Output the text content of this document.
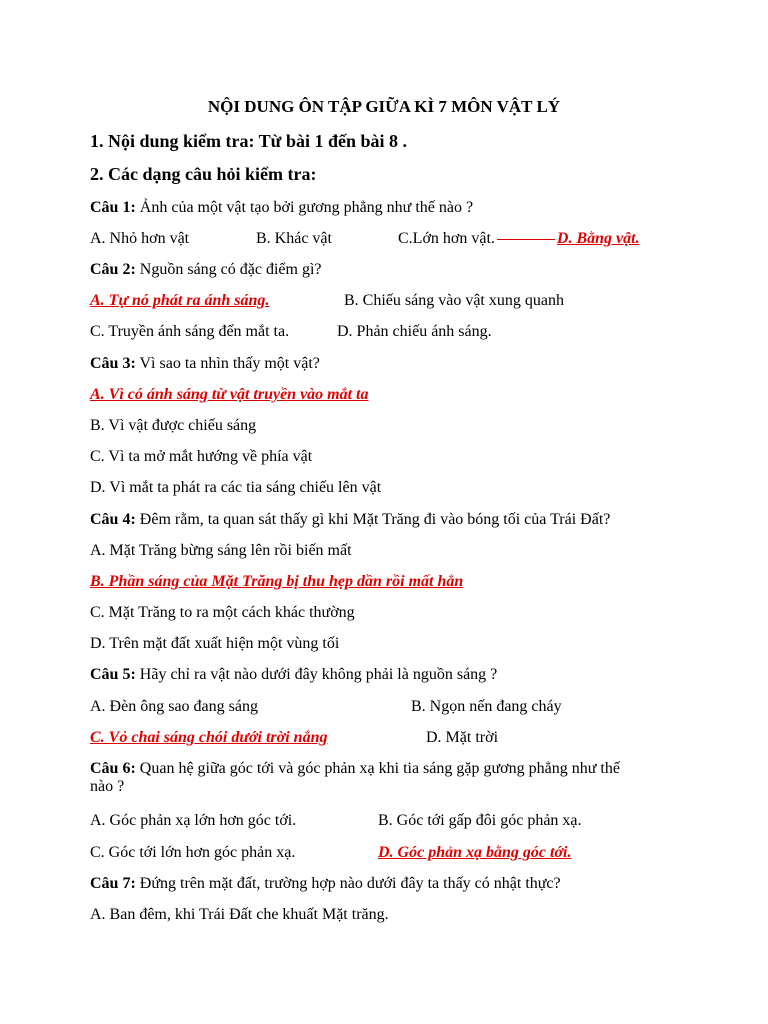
NỘI DUNG ÔN TẬP GIỮA KÌ 7 MÔN VẬT LÝ
1. Nội dung kiểm tra: Từ bài 1 đến bài 8 .
2. Các dạng câu hỏi kiểm tra:
Câu 1: Ảnh của một vật tạo bởi gương phẳng như thế nào ?
A. Nhỏ hơn vật	B. Khác vật	C.Lớn hơn vật.	D. Bằng vật.
Câu 2: Nguồn sáng có đặc điểm gì?
A. Tự nó phát ra ánh sáng.	B. Chiếu sáng vào vật xung quanh
C. Truyền ánh sáng đến mắt ta.	D. Phản chiếu ánh sáng.
Câu 3: Vì sao ta nhìn thấy một vật?
A. Vì có ánh sáng từ vật truyền vào mắt ta
B. Vì vật được chiếu sáng
C. Vì ta mở mắt hướng về phía vật
D. Vì mắt ta phát ra các tia sáng chiếu lên vật
Câu 4: Đêm rằm, ta quan sát thấy gì khi Mặt Trăng đi vào bóng tối của Trái Đất?
A. Mặt Trăng bừng sáng lên rồi biến mất
B. Phần sáng của Mặt Trăng bị thu hẹp dần rồi mất hẳn
C. Mặt Trăng to ra một cách khác thường
D. Trên mặt đất xuất hiện một vùng tối
Câu 5: Hãy chỉ ra vật nào dưới đây không phải là nguồn sáng ?
A. Đèn ông sao đang sáng	B. Ngọn nến đang cháy
C. Vỏ chai sáng chói dưới trời nắng	D. Mặt trời
Câu 6: Quan hệ giữa góc tới và góc phản xạ khi tia sáng gặp gương phẳng như thế
nào ?
A. Góc phản xạ lớn hơn góc tới.	B. Góc tới gấp đôi góc phản xạ.
C. Góc tới lớn hơn góc phản xạ.	D. Góc phản xạ bằng góc tới.
Câu 7: Đứng trên mặt đất, trường hợp nào dưới đây ta thấy có nhật thực?
A. Ban đêm, khi Trái Đất che khuất Mặt trăng.
